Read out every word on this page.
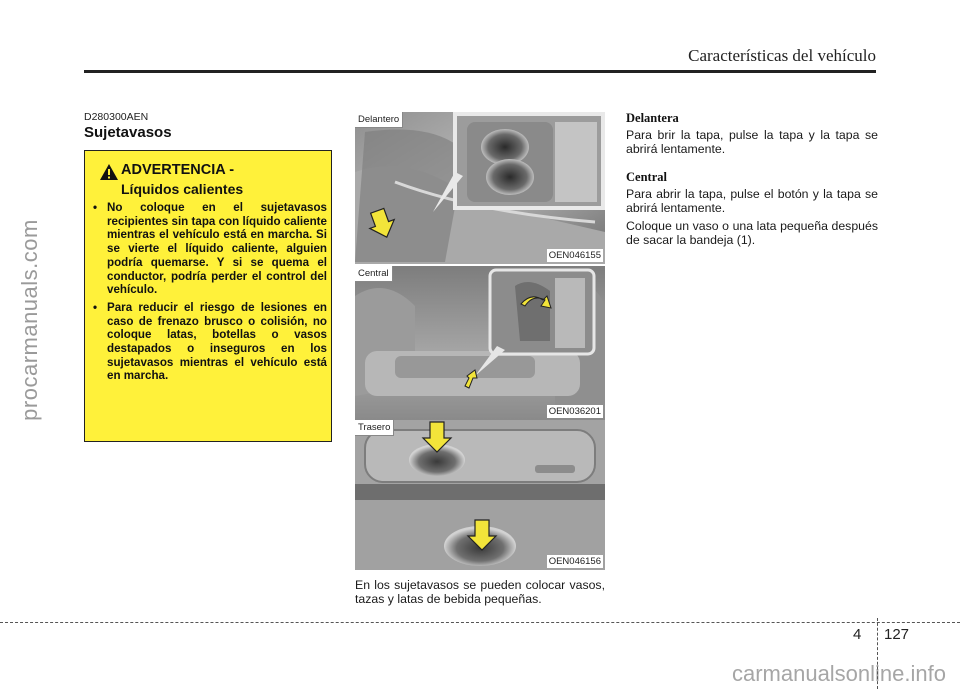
Características del vehículo
procarmanuals.com
carmanualsonline.info
D280300AEN
Sujetavasos
ADVERTENCIA -
Líquidos calientes
• No coloque en el sujetavasos recipientes sin tapa con líquido caliente mientras el vehículo está en marcha. Si se vierte el líquido caliente, alguien podría quemarse. Y si se quema el conductor, podría perder el control del vehículo.
• Para reducir el riesgo de lesiones en caso de frenazo brusco o colisión, no coloque latas, botellas o vasos destapados o inseguros en los sujetavasos mientras el vehículo está en marcha.
Delantero
OEN046155
Central
OEN036201
Trasero
OEN046156
En los sujetavasos se pueden colocar vasos, tazas y latas de bebida pequeñas.
Delantera

Para brir la tapa, pulse la tapa y la tapa se abrirá lentamente.

Central

Para abrir la tapa, pulse el botón y la tapa se abrirá lentamente.

Coloque un vaso o una lata pequeña después de sacar la bandeja (1).

4 127
